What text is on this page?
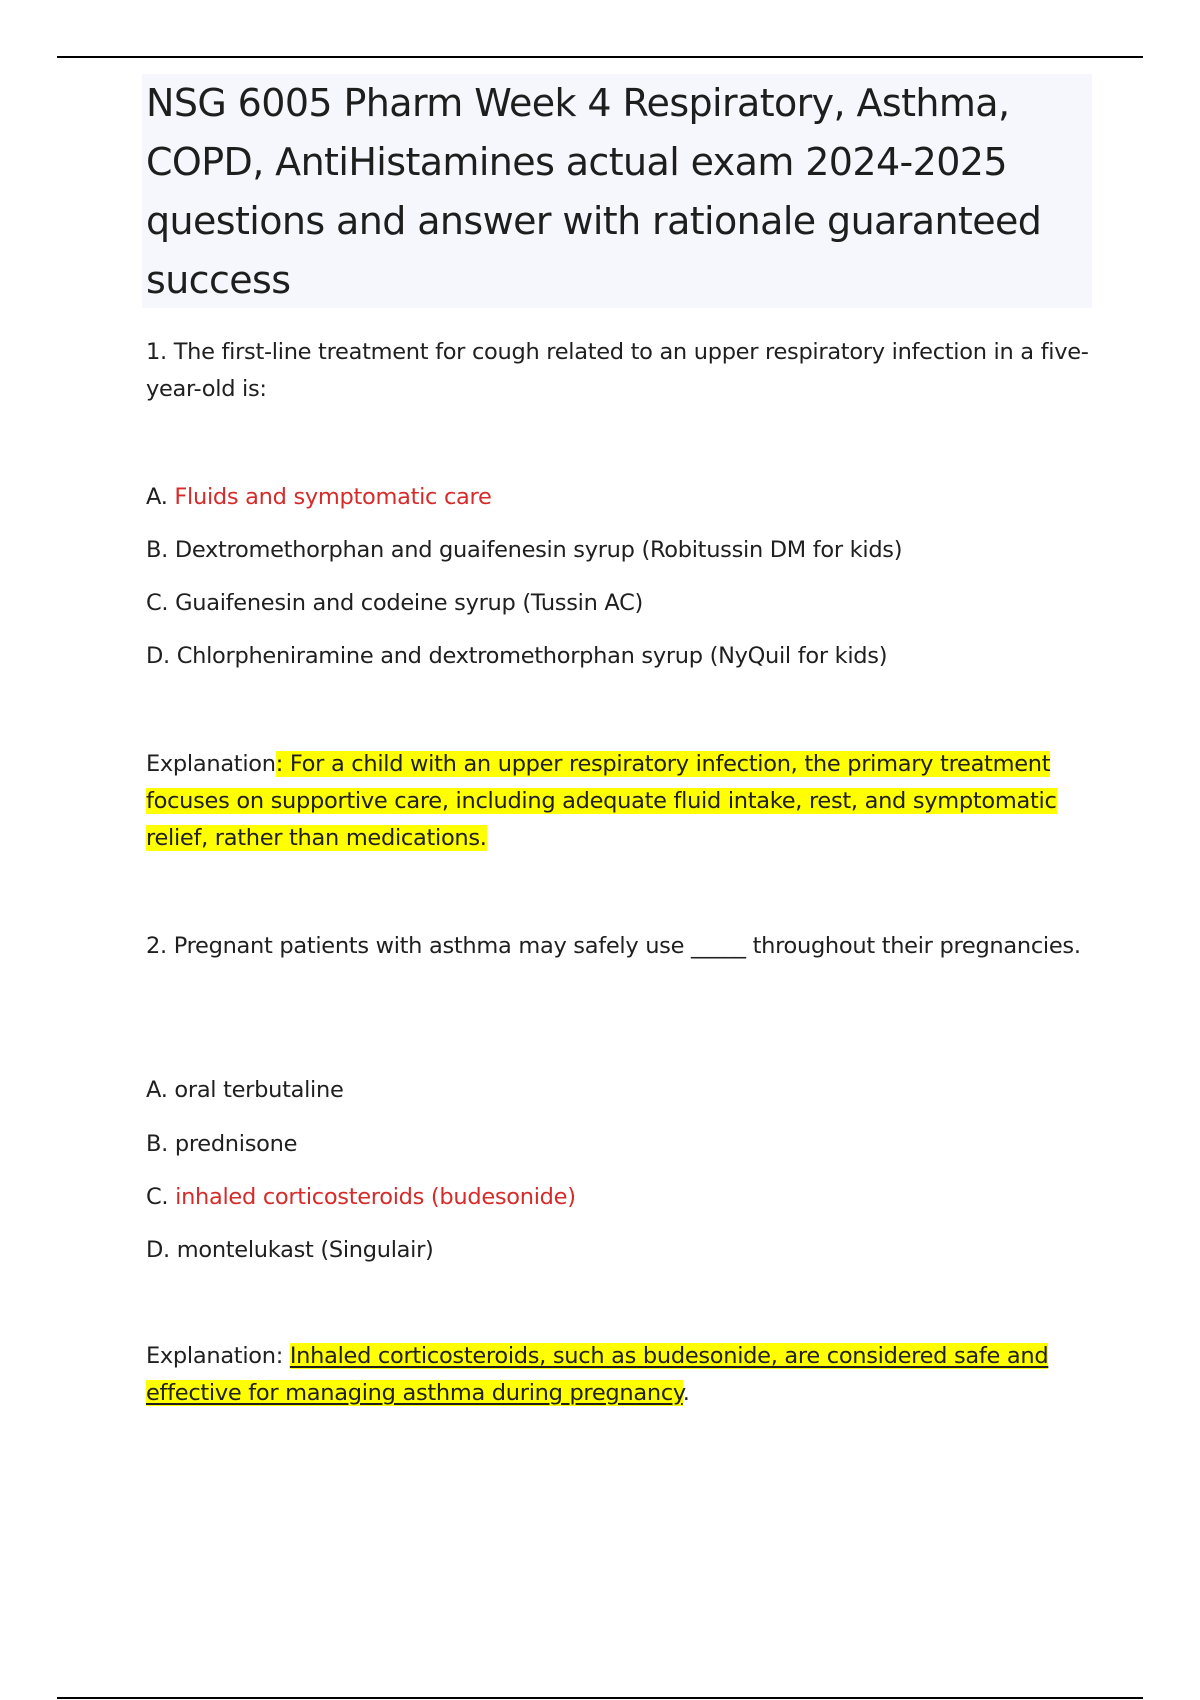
NSG 6005 Pharm Week 4 Respiratory, Asthma, COPD, AntiHistamines actual exam 2024-2025 questions and answer with rationale guaranteed success

1. The first-line treatment for cough related to an upper respiratory infection in a five-year-old is:

A. Fluids and symptomatic care

B. Dextromethorphan and guaifenesin syrup (Robitussin DM for kids)

C. Guaifenesin and codeine syrup (Tussin AC)

D. Chlorpheniramine and dextromethorphan syrup (NyQuil for kids)

Explanation: For a child with an upper respiratory infection, the primary treatment focuses on supportive care, including adequate fluid intake, rest, and symptomatic relief, rather than medications.

2. Pregnant patients with asthma may safely use _____ throughout their pregnancies.

A. oral terbutaline

B. prednisone

C. inhaled corticosteroids (budesonide)

D. montelukast (Singulair)

Explanation: Inhaled corticosteroids, such as budesonide, are considered safe and effective for managing asthma during pregnancy.
